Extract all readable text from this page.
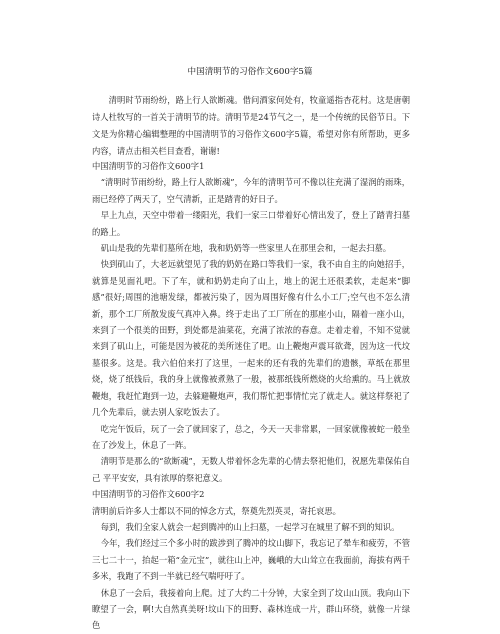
中国清明节的习俗作文600字5篇

清明时节雨纷纷，路上行人欲断魂。借问酒家何处有，牧童遥指杏花村。这是唐朝诗人杜牧写的一首关于清明节的诗。清明节是24节气之一，是一个传统的民俗节日。下文是为你精心编辑整理的中国清明节的习俗作文600字5篇，希望对你有所帮助，更多内容，请点击相关栏目查看，谢谢!

中国清明节的习俗作文600字1

“清明时节雨纷纷，路上行人欲断魂”，今年的清明节可不像以往充满了湿润的雨珠，雨已经停了两天了，空气清新，正是踏青的好日子。

早上九点，天空中带着一缕阳光，我们一家三口带着好心情出发了，登上了踏青扫墓的路上。

矶山是我的先辈们墓所在地，我和奶奶等一些家里人在那里会和，一起去扫墓。

快到矶山了，大老远就望见了我的奶奶在路口等我们一家，我不由自主的向她招手，就算是见面礼吧。下了车，就和奶奶走向了山上，地上的泥土还很柔软，走起来“脚感”很好;周围的池塘发绿，都被污染了，因为周围好像有什么小工厂;空气也不怎么清新，那个工厂所散发废气真冲入鼻。终于走出了工厂所在的那座小山，隔着一座小山，来到了一个很美的田野，到处都是油菜花，充满了浓浓的春意。走着走着，不知不觉就来到了矶山上，可能是因为被花的美所迷住了吧。山上鞭炮声震耳欲聋，因为这一代坟墓很多。这是。我六伯伯来打了这里，一起来的还有我的先辈们的遗骸，草纸在那里烧，烧了纸钱后，我的身上就像被煮熟了一般，被那纸钱所燃烧的火给熏的。马上就放鞭炮，我赶忙跑到一边，去躲避鞭炮声，我们帮忙把事情忙完了就走人。就这样祭祀了几个先辈后，就去别人家吃饭去了。

吃完午饭后，玩了一会了就回家了，总之，今天一天非常累，一回家就像被蛇一般坐在了沙发上，休息了一阵。

清明节是那么的“欲断魂”，无数人带着怀念先辈的心情去祭祀他们，祝愿先辈保佑自己 平平安安，具有浓厚的祭祀意义。

中国清明节的习俗作文600字2

清明前后许多人士都以不同的悼念方式，祭奠先烈英灵，寄托哀思。

每到，我们全家人就会一起到腾冲的山上扫墓，一起学习在城里了解不到的知识。

今年，我们经过三个多小时的跋涉到了腾冲的坟山脚下，我忘记了晕车和疲劳，不管三七二十一，抬起一箱“金元宝”，就往山上冲，巍峨的大山耸立在我面前，海拔有两千多米，我跑了不到一半就已经气喘吁吁了。

休息了一会后，我接着向上爬。过了大约二十分钟，大家全到了坟山山顶。我向山下瞭望了一会，啊!大自然真美呀!坟山下的田野、森林连成一片，群山环绕，就像一片绿色
